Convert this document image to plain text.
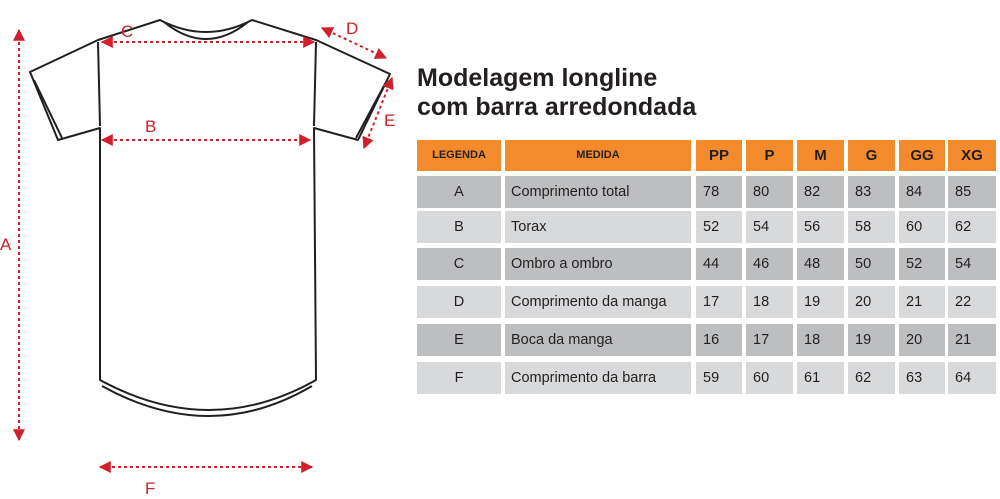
A
B
C	D
E
F
Modelagem longline
com barra arredondada
LEGENDA	MEDIDA	PP	P	M	G	GG	XG
A	Comprimento total	78	80	82	83	84	85
B	Torax	52	54	56	58	60	62
C	Ombro a ombro	44	46	48	50	52	54
D	Comprimento da manga	17	18	19	20	21	22
E	Boca da manga	16	17	18	19	20	21
F	Comprimento da barra	59	60	61	62	63	64
